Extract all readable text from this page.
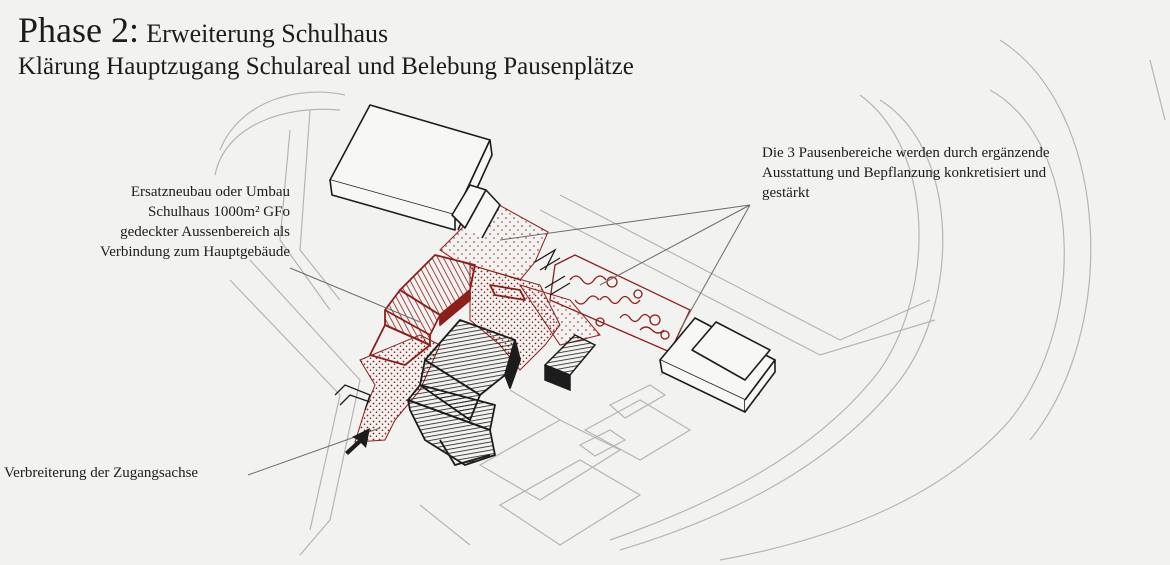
Phase 2: Erweiterung Schulhaus
Klärung Hauptzugang Schulareal und Belebung Pausenplätze
Ersatzneubau oder Umbau
Schulhaus 1000m² GFo
gedeckter Aussenbereich als
Verbindung zum Hauptgebäude
Die 3 Pausenbereiche werden durch ergänzende
Ausstattung und Bepflanzung konkretisiert und
gestärkt
Verbreiterung der Zugangsachse
